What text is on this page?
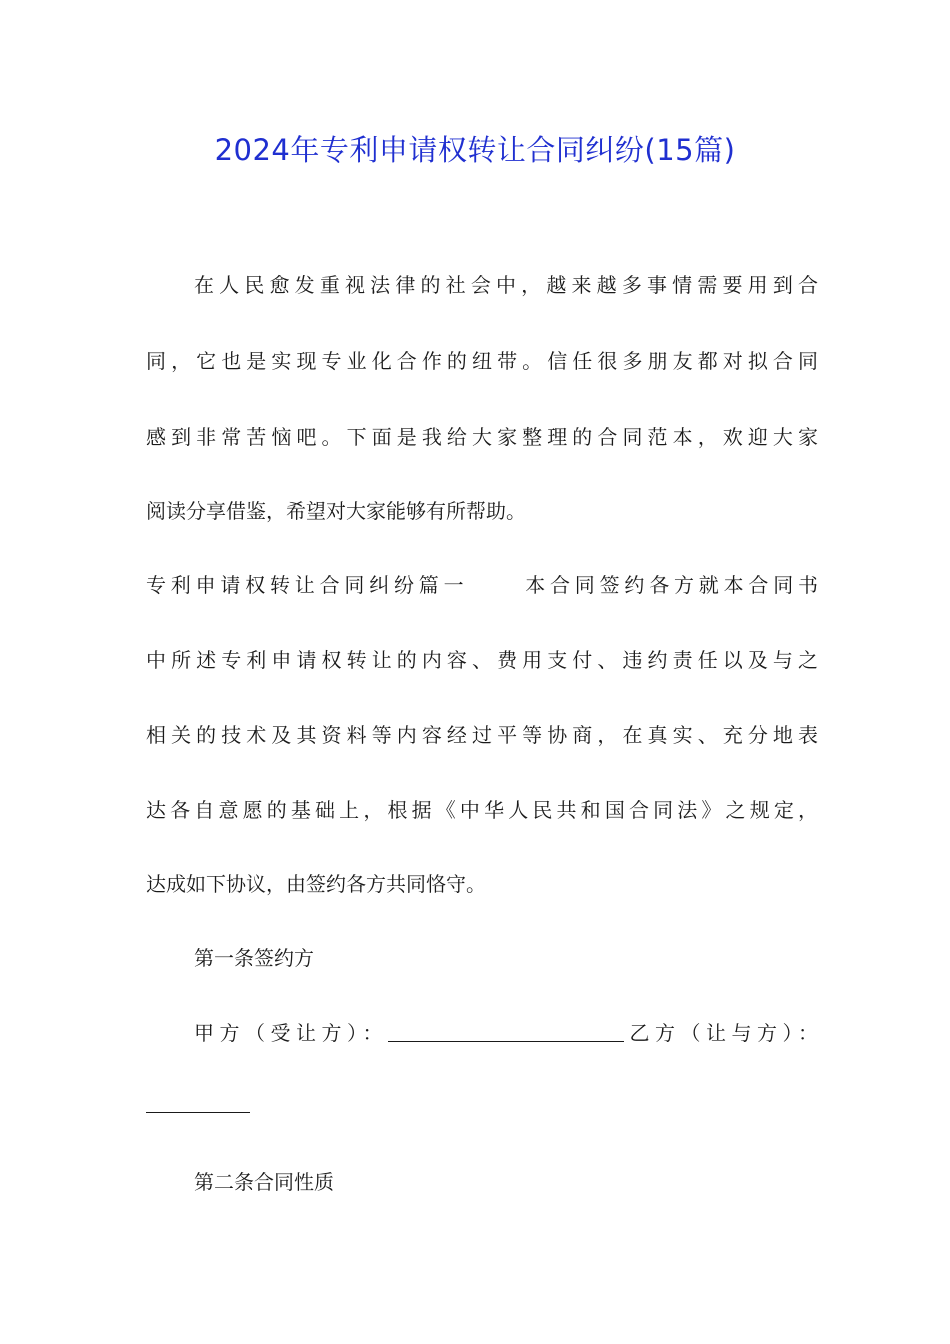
2024年专利申请权转让合同纠纷(15篇)
在人民愈发重视法律的社会中，越来越多事情需要用到合
同，它也是实现专业化合作的纽带。信任很多朋友都对拟合同
感到非常苦恼吧。下面是我给大家整理的合同范本，欢迎大家
阅读分享借鉴，希望对大家能够有所帮助。
专利申请权转让合同纠纷篇一	本合同签约各方就本合同书
中所述专利申请权转让的内容、费用支付、违约责任以及与之
相关的技术及其资料等内容经过平等协商，在真实、充分地表
达各自意愿的基础上，根据《中华人民共和国合同法》之规定，
达成如下协议，由签约各方共同恪守。
第一条签约方
甲方（受让方）：	乙方（让与方）：
第二条合同性质
